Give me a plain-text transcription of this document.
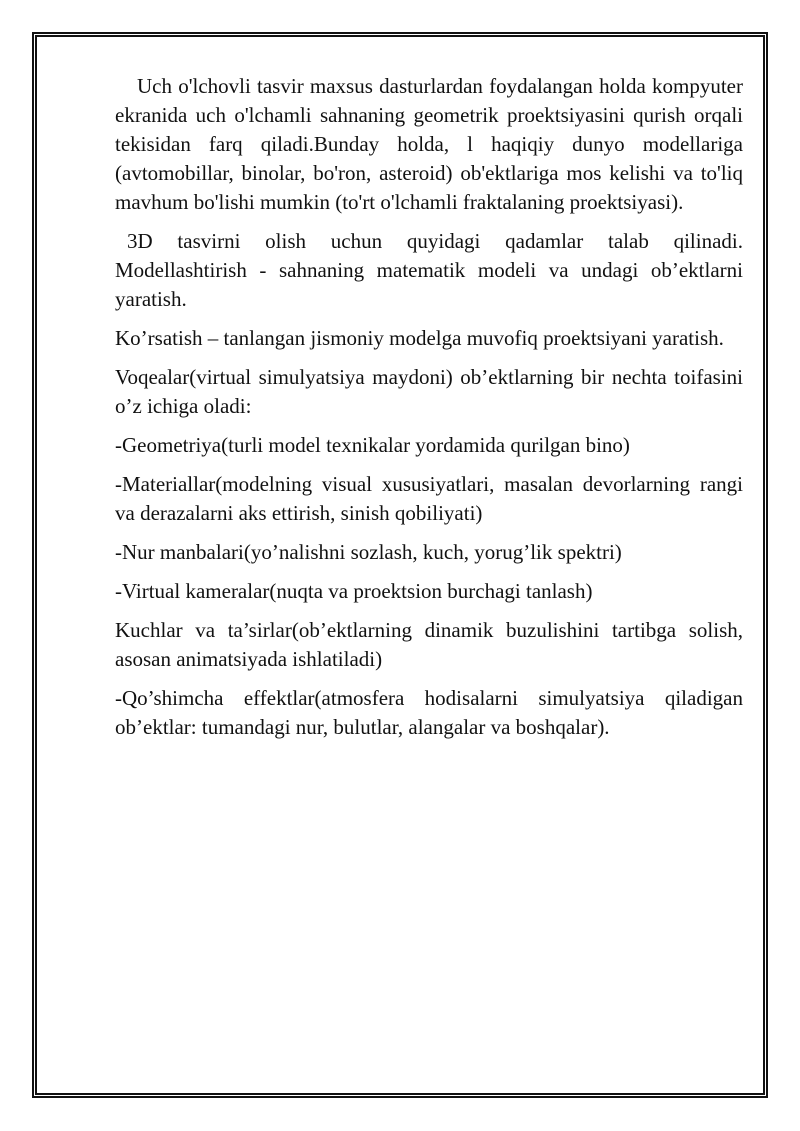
Uch o'lchovli tasvir maxsus dasturlardan foydalangan holda kompyuter ekranida uch o'lchamli sahnaning geometrik proektsiyasini qurish orqali tekisidan farq qiladi.Bunday holda, l haqiqiy dunyo modellariga (avtomobillar, binolar, bo'ron, asteroid) ob'ektlariga mos kelishi va to'liq mavhum bo'lishi mumkin (to'rt o'lchamli fraktalaning proektsiyasi).

3D tasvirni olish uchun quyidagi qadamlar talab qilinadi. Modellashtirish - sahnaning matematik modeli va undagi ob’ektlarni yaratish.

Ko’rsatish – tanlangan jismoniy modelga muvofiq proektsiyani yaratish.

Voqealar(virtual simulyatsiya maydoni) ob’ektlarning bir nechta toifasini o’z ichiga oladi:

-Geometriya(turli model texnikalar yordamida qurilgan bino)

-Materiallar(modelning visual xususiyatlari, masalan devorlarning rangi va derazalarni aks ettirish, sinish qobiliyati)

-Nur manbalari(yo’nalishni sozlash, kuch, yorug’lik spektri)

-Virtual kameralar(nuqta va proektsion burchagi tanlash)

Kuchlar va ta’sirlar(ob’ektlarning dinamik buzulishini tartibga solish, asosan animatsiyada ishlatiladi)

-Qo’shimcha effektlar(atmosfera hodisalarni simulyatsiya qiladigan ob’ektlar: tumandagi nur, bulutlar, alangalar va boshqalar).
